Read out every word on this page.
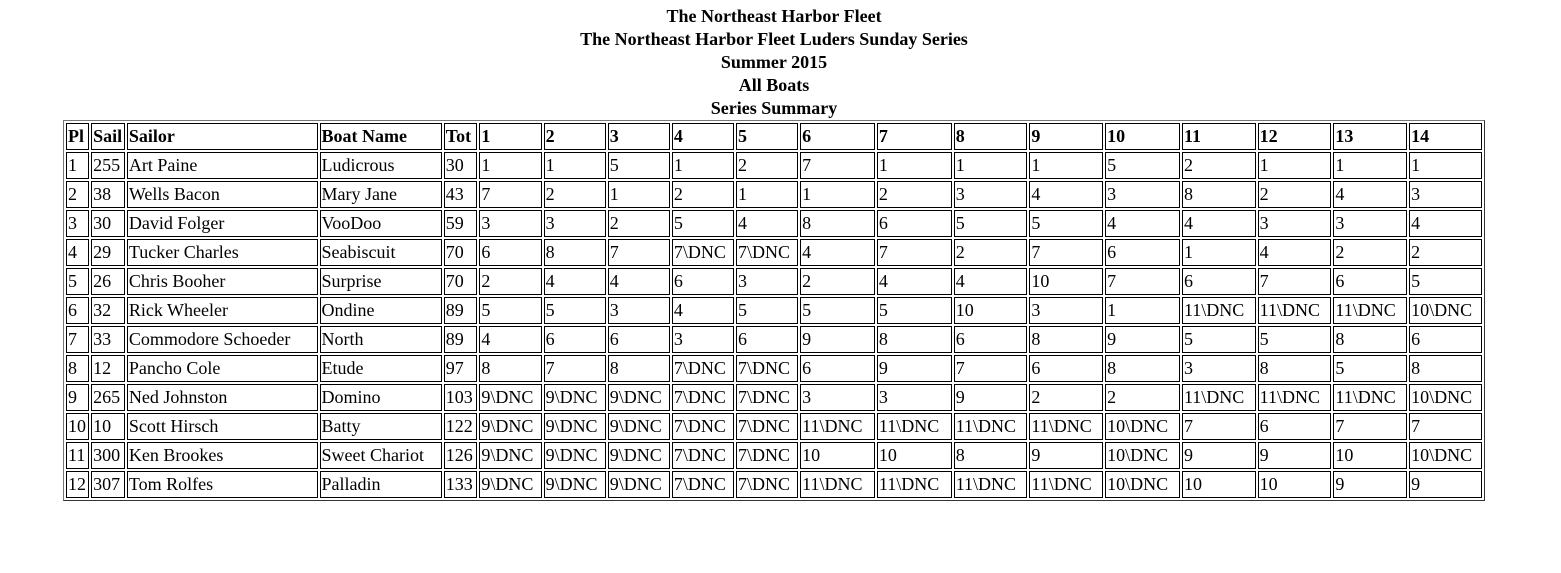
The Northeast Harbor Fleet
The Northeast Harbor Fleet Luders Sunday Series
Summer 2015
All Boats
Series Summary
Pl	Sail	Sailor	Boat Name	Tot	1	2	3	4	5	6	7	8	9	10	11	12	13	14
1	255	Art Paine	Ludicrous	30	1	1	5	1	2	7	1	1	1	5	2	1	1	1
2	38	Wells Bacon	Mary Jane	43	7	2	1	2	1	1	2	3	4	3	8	2	4	3
3	30	David Folger	VooDoo	59	3	3	2	5	4	8	6	5	5	4	4	3	3	4
4	29	Tucker Charles	Seabiscuit	70	6	8	7	7\DNC	7\DNC	4	7	2	7	6	1	4	2	2
5	26	Chris Booher	Surprise	70	2	4	4	6	3	2	4	4	10	7	6	7	6	5
6	32	Rick Wheeler	Ondine	89	5	5	3	4	5	5	5	10	3	1	11\DNC	11\DNC	11\DNC	10\DNC
7	33	Commodore Schoeder	North	89	4	6	6	3	6	9	8	6	8	9	5	5	8	6
8	12	Pancho Cole	Etude	97	8	7	8	7\DNC	7\DNC	6	9	7	6	8	3	8	5	8
9	265	Ned Johnston	Domino	103	9\DNC	9\DNC	9\DNC	7\DNC	7\DNC	3	3	9	2	2	11\DNC	11\DNC	11\DNC	10\DNC
10	10	Scott Hirsch	Batty	122	9\DNC	9\DNC	9\DNC	7\DNC	7\DNC	11\DNC	11\DNC	11\DNC	11\DNC	10\DNC	7	6	7	7
11	300	Ken Brookes	Sweet Chariot	126	9\DNC	9\DNC	9\DNC	7\DNC	7\DNC	10	10	8	9	10\DNC	9	9	10	10\DNC
12	307	Tom Rolfes	Palladin	133	9\DNC	9\DNC	9\DNC	7\DNC	7\DNC	11\DNC	11\DNC	11\DNC	11\DNC	10\DNC	10	10	9	9
